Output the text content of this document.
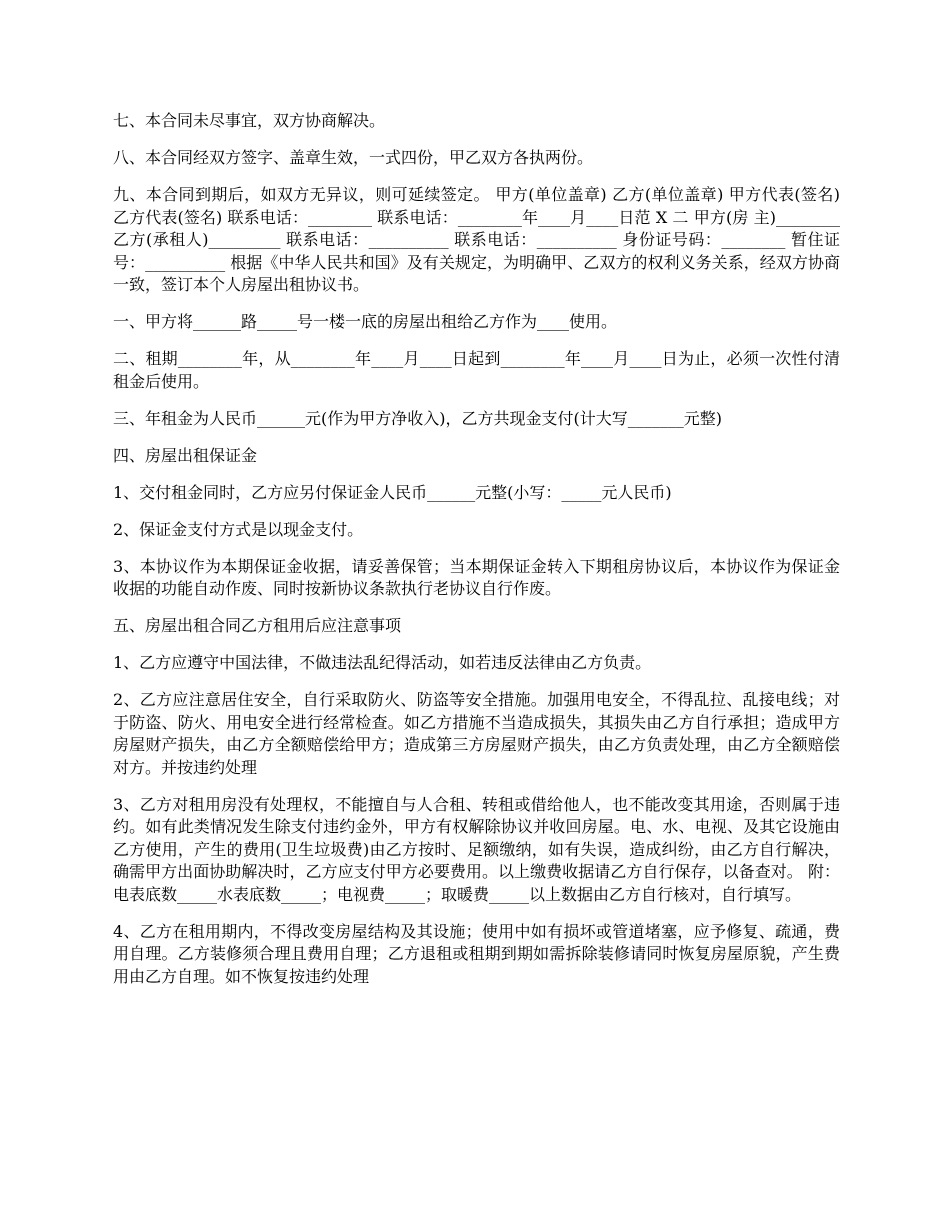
七、本合同未尽事宜，双方协商解决。

八、本合同经双方签字、盖章生效，一式四份，甲乙双方各执两份。

九、本合同到期后，如双方无异议，则可延续签定。 甲方(单位盖章) 乙方(单位盖章) 甲方代表(签名) 乙方代表(签名) 联系电话：________ 联系电话：________年____月____日范 X 二 甲方(房 主)________ 乙方(承租人)_________ 联系电话：__________ 联系电话：__________ 身份证号码：________ 暂住证号：__________ 根据《中华人民共和国》及有关规定，为明确甲、乙双方的权利义务关系，经双方协商一致，签订本个人房屋出租协议书。

一、甲方将______路_____号一楼一底的房屋出租给乙方作为____使用。

二、租期________年，从________年____月____日起到________年____月____日为止，必须一次性付清租金后使用。

三、年租金为人民币______元(作为甲方净收入)，乙方共现金支付(计大写_______元整)

四、房屋出租保证金

1、交付租金同时，乙方应另付保证金人民币______元整(小写：_____元人民币)

2、保证金支付方式是以现金支付。

3、本协议作为本期保证金收据，请妥善保管；当本期保证金转入下期租房协议后，本协议作为保证金收据的功能自动作废、同时按新协议条款执行老协议自行作废。

五、房屋出租合同乙方租用后应注意事项

1、乙方应遵守中国法律，不做违法乱纪得活动，如若违反法律由乙方负责。

2、乙方应注意居住安全，自行采取防火、防盗等安全措施。加强用电安全，不得乱拉、乱接电线；对于防盗、防火、用电安全进行经常检查。如乙方措施不当造成损失，其损失由乙方自行承担；造成甲方房屋财产损失，由乙方全额赔偿给甲方；造成第三方房屋财产损失，由乙方负责处理，由乙方全额赔偿对方。并按违约处理

3、乙方对租用房没有处理权，不能擅自与人合租、转租或借给他人，也不能改变其用途，否则属于违约。如有此类情况发生除支付违约金外，甲方有权解除协议并收回房屋。电、水、电视、及其它设施由乙方使用，产生的费用(卫生垃圾费)由乙方按时、足额缴纳，如有失误，造成纠纷，由乙方自行解决，确需甲方出面协助解决时，乙方应支付甲方必要费用。以上缴费收据请乙方自行保存，以备查对。 附：电表底数_____水表底数_____；电视费_____；取暖费_____以上数据由乙方自行核对，自行填写。

4、乙方在租用期内，不得改变房屋结构及其设施；使用中如有损坏或管道堵塞，应予修复、疏通，费用自理。乙方装修须合理且费用自理；乙方退租或租期到期如需拆除装修请同时恢复房屋原貌，产生费用由乙方自理。如不恢复按违约处理
